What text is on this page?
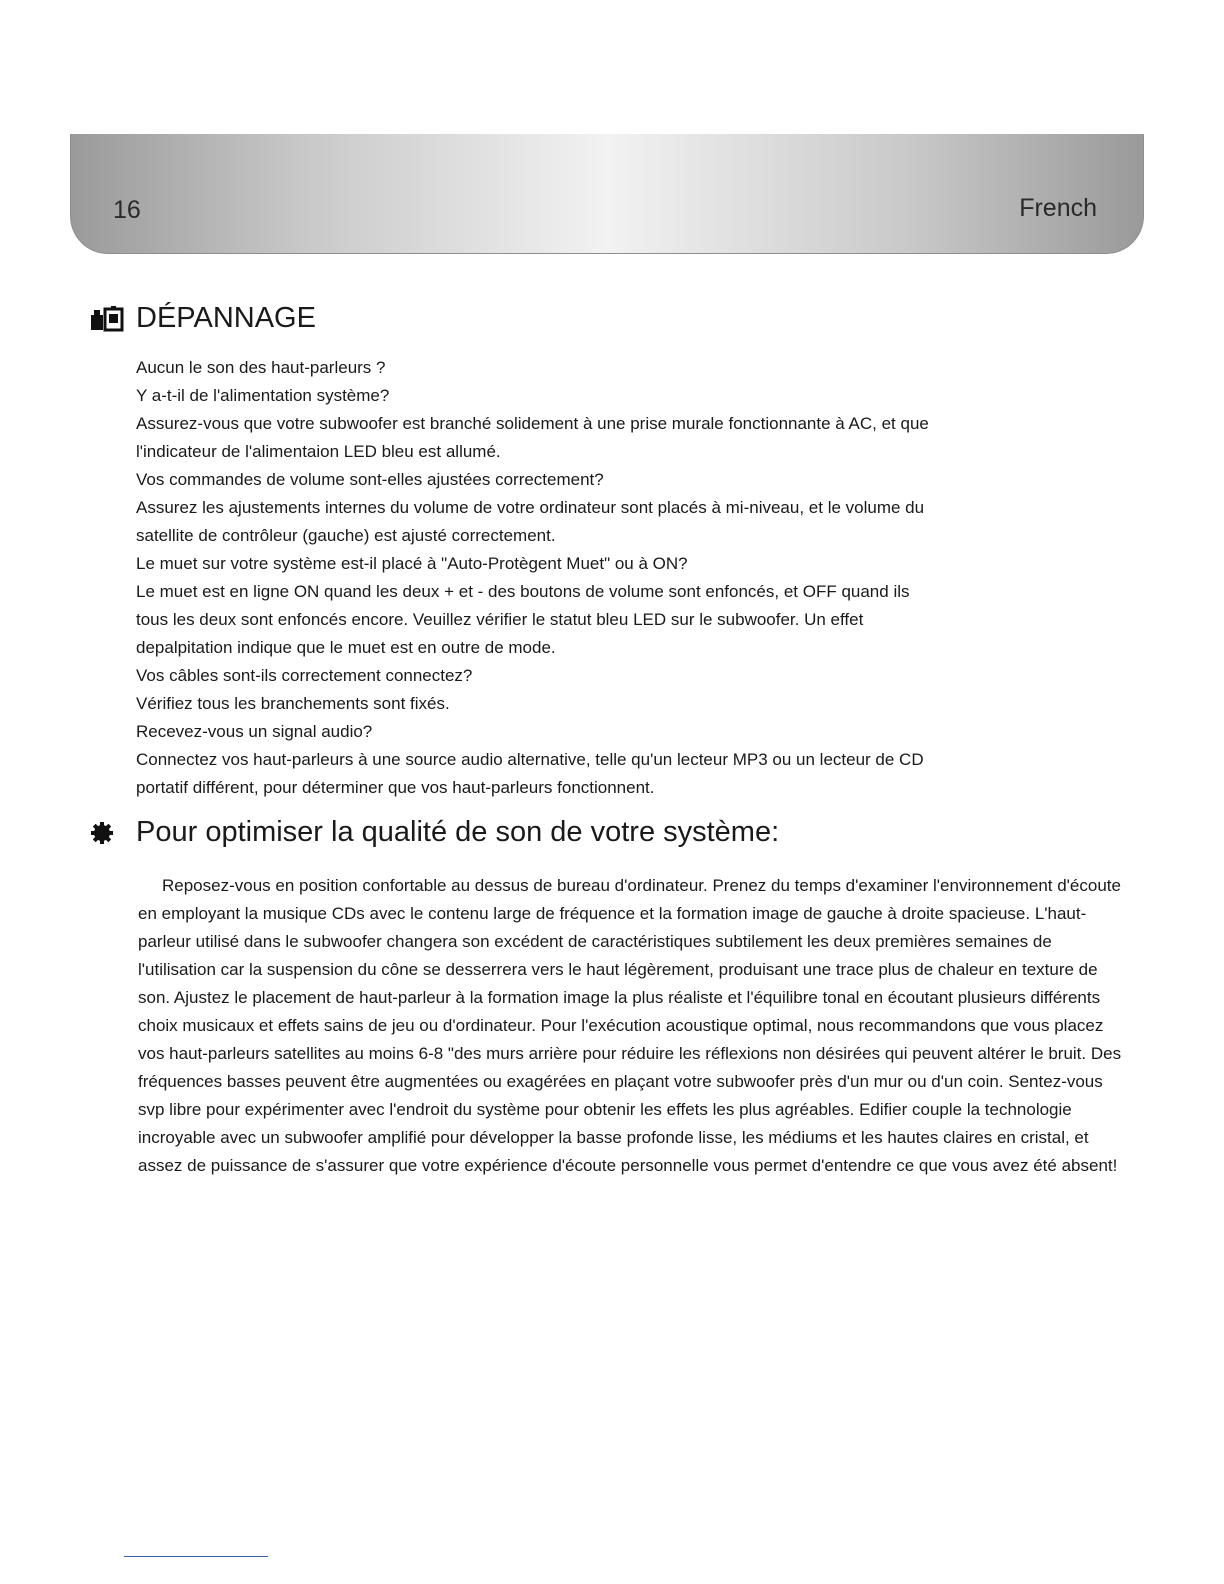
16	French
DÉPANNAGE

Aucun le son des haut-parleurs ?

Y a-t-il de l'alimentation système?

Assurez-vous que votre subwoofer est branché solidement à une prise murale fonctionnante à AC, et que

l'indicateur de l'alimentaion LED bleu est allumé.

Vos commandes de volume sont-elles ajustées correctement?

Assurez les ajustements internes du volume de votre ordinateur sont placés à mi-niveau, et le volume du

satellite de contrôleur (gauche) est ajusté correctement.

Le muet sur votre système est-il placé à "Auto-Protègent Muet" ou à ON?

Le muet est en ligne ON quand les deux + et - des boutons de volume sont enfoncés, et OFF quand ils

tous les deux sont enfoncés encore. Veuillez vérifier le statut bleu LED sur le subwoofer. Un effet

depalpitation indique que le muet est en outre de mode.

Vos câbles sont-ils correctement connectez?

Vérifiez tous les branchements sont fixés.

Recevez-vous un signal audio?

Connectez vos haut-parleurs à une source audio alternative, telle qu'un lecteur MP3 ou un lecteur de CD

portatif différent, pour déterminer que vos haut-parleurs fonctionnent.

Pour optimiser la qualité de son de votre système:

Reposez-vous en position confortable au dessus de bureau d'ordinateur. Prenez du temps d'examiner l'environnement d'écoute en employant la musique CDs avec le contenu large de fréquence et la formation image de gauche à droite spacieuse. L'haut-parleur utilisé dans le subwoofer changera son excédent de caractéristiques subtilement les deux premières semaines de l'utilisation car la suspension du cône se desserrera vers le haut légèrement, produisant une trace plus de chaleur en texture de son. Ajustez le placement de haut-parleur à la formation image la plus réaliste et l'équilibre tonal en écoutant plusieurs différents choix musicaux et effets sains de jeu ou d'ordinateur. Pour l'exécution acoustique optimal, nous recommandons que vous placez vos haut-parleurs satellites au moins 6-8 "des murs arrière pour réduire les réflexions non désirées qui peuvent altérer le bruit. Des fréquences basses peuvent être augmentées ou exagérées en plaçant votre subwoofer près d'un mur ou d'un coin. Sentez-vous svp libre pour expérimenter avec l'endroit du système pour obtenir les effets les plus agréables. Edifier couple la technologie incroyable avec un subwoofer amplifié pour développer la basse profonde lisse, les médiums et les hautes claires en cristal, et assez de puissance de s'assurer que votre expérience d'écoute personnelle vous permet d'entendre ce que vous avez été absent!
